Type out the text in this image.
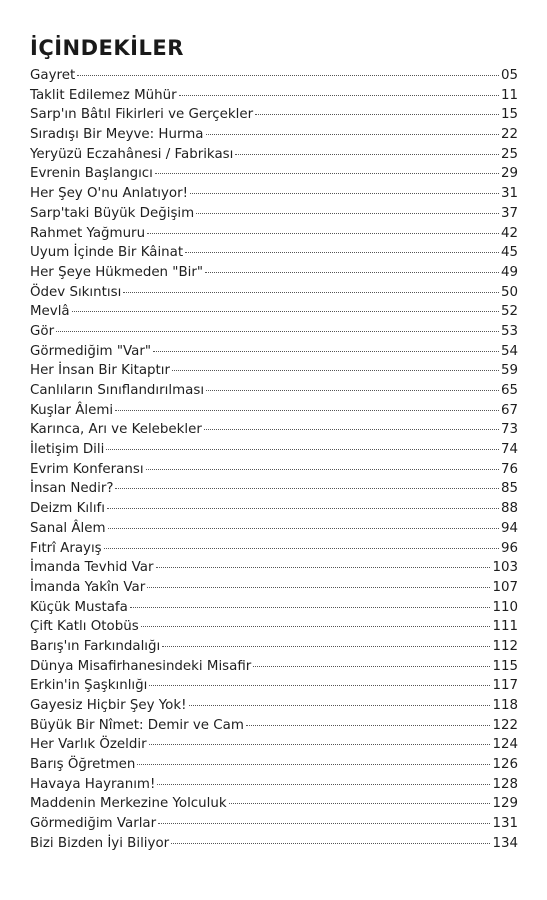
İÇİNDEKİLER
Gayret	05
Taklit Edilemez Mühür	11
Sarp'ın Bâtıl Fikirleri ve Gerçekler	15
Sıradışı Bir Meyve: Hurma	22
Yeryüzü Eczahânesi / Fabrikası	25
Evrenin Başlangıcı	29
Her Şey O'nu Anlatıyor!	31
Sarp'taki Büyük Değişim	37
Rahmet Yağmuru	42
Uyum İçinde Bir Kâinat	45
Her Şeye Hükmeden "Bir"	49
Ödev Sıkıntısı	50
Mevlâ	52
Gör	53
Görmediğim "Var"	54
Her İnsan Bir Kitaptır	59
Canlıların Sınıflandırılması	65
Kuşlar Âlemi	67
Karınca, Arı ve Kelebekler	73
İletişim Dili	74
Evrim Konferansı	76
İnsan Nedir?	85
Deizm Kılıfı	88
Sanal Âlem	94
Fıtrî Arayış	96
İmanda Tevhid Var	103
İmanda Yakîn Var	107
Küçük Mustafa	110
Çift Katlı Otobüs	111
Barış'ın Farkındalığı	112
Dünya Misafirhanesindeki Misafir	115
Erkin'in Şaşkınlığı	117
Gayesiz Hiçbir Şey Yok!	118
Büyük Bir Nîmet: Demir ve Cam	122
Her Varlık Özeldir	124
Barış Öğretmen	126
Havaya Hayranım!	128
Maddenin Merkezine Yolculuk	129
Görmediğim Varlar	131
Bizi Bizden İyi Biliyor	134
